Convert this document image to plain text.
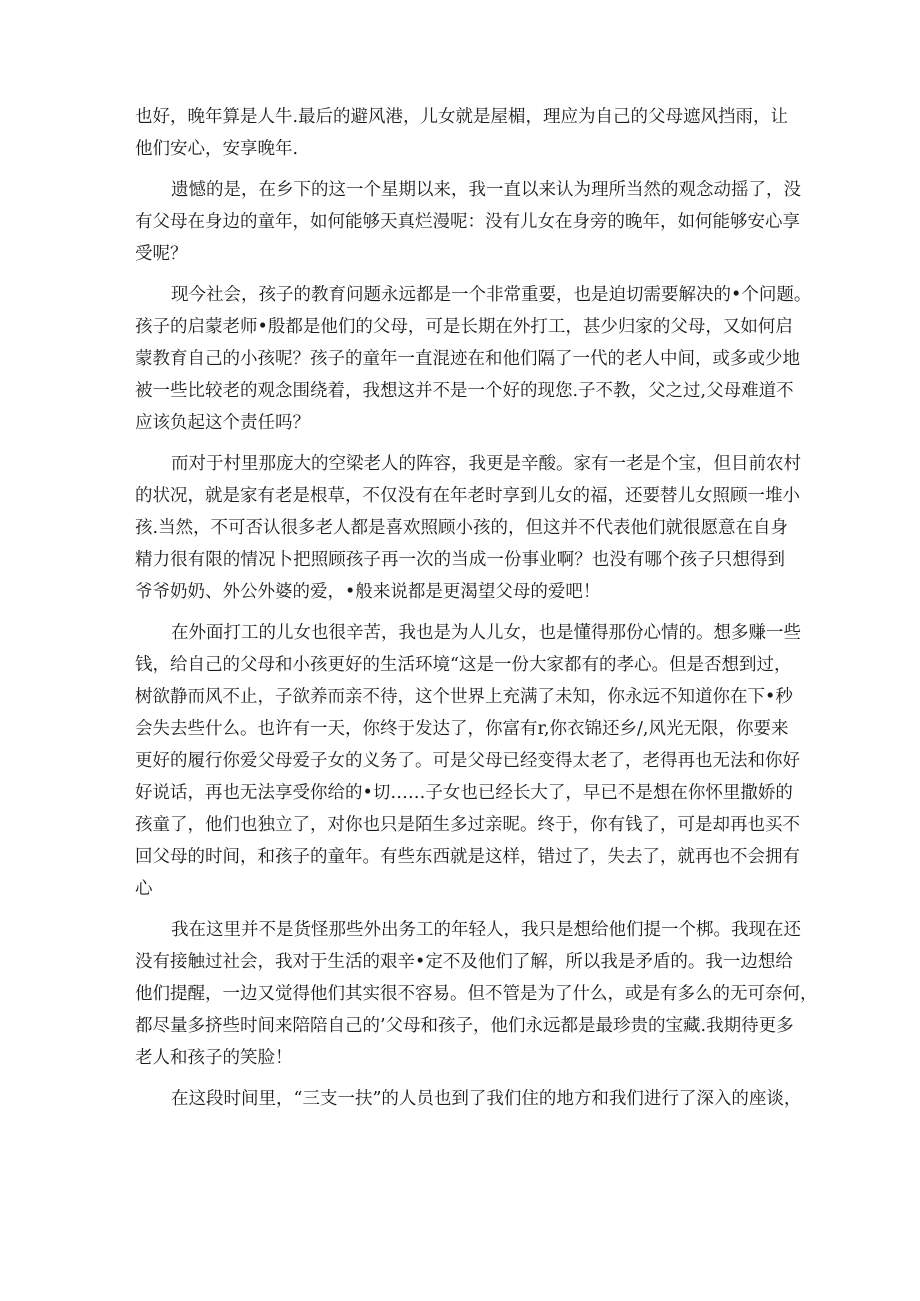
也好，晚年算是人牛.最后的避风港，儿女就是屋楣，理应为自己的父母遮风挡雨，让
他们安心，安享晚年.
遗憾的是，在乡下的这一个星期以来，我一直以来认为理所当然的观念动摇了，没
有父母在身边的童年，如何能够天真烂漫呢：没有儿女在身旁的晚年，如何能够安心享
受呢？
现今社会，孩子的教育问题永远都是一个非常重要，也是迫切需要解决的•个问题。
孩子的启蒙老师•殷都是他们的父母，可是长期在外打工，甚少归家的父母，又如何启
蒙教育自己的小孩呢？孩子的童年一直混迹在和他们隔了一代的老人中间，或多或少地
被一些比较老的观念围绕着，我想这并不是一个好的现您.子不教，父之过,父母难道不
应该负起这个责任吗？
而对于村里那庞大的空梁老人的阵容，我更是辛酸。家有一老是个宝，但目前农村
的状况，就是家有老是根草，不仅没有在年老时享到儿女的福，还要替儿女照顾一堆小
孩.当然，不可否认很多老人都是喜欢照顾小孩的，但这并不代表他们就很愿意在自身
精力很有限的情况卜把照顾孩子再一次的当成一份事业啊？也没有哪个孩子只想得到
爷爷奶奶、外公外婆的爱，•般来说都是更渴望父母的爱吧！
在外面打工的儿女也很辛苦，我也是为人儿女，也是懂得那份心情的。想多赚一些
钱，给自己的父母和小孩更好的生活环境“这是一份大家都有的孝心。但是否想到过，
树欲静而风不止，子欲养而亲不待，这个世界上充满了未知，你永远不知道你在下•秒
会失去些什么。也许有一天，你终于发达了，你富有r,你衣锦还乡/,风光无限，你要来
更好的履行你爱父母爱子女的义务了。可是父母已经变得太老了，老得再也无法和你好
好说话，再也无法享受你给的•切……子女也已经长大了，早已不是想在你怀里撒娇的
孩童了，他们也独立了，对你也只是陌生多过亲昵。终于，你有钱了，可是却再也买不
回父母的时间，和孩子的童年。有些东西就是这样，错过了，失去了，就再也不会拥有
心
我在这里并不是货怪那些外出务工的年轻人，我只是想给他们提一个梆。我现在还
没有接触过社会，我对于生活的艰辛•定不及他们了解，所以我是矛盾的。我一边想给
他们提醒，一边又觉得他们其实很不容易。但不管是为了什么，或是有多么的无可奈何，
都尽量多挤些时间来陪陪自己的’父母和孩子，他们永远都是最珍贵的宝藏.我期待更多
老人和孩子的笑脸！
在这段时间里，“三支一扶”的人员也到了我们住的地方和我们进行了深入的座谈，
